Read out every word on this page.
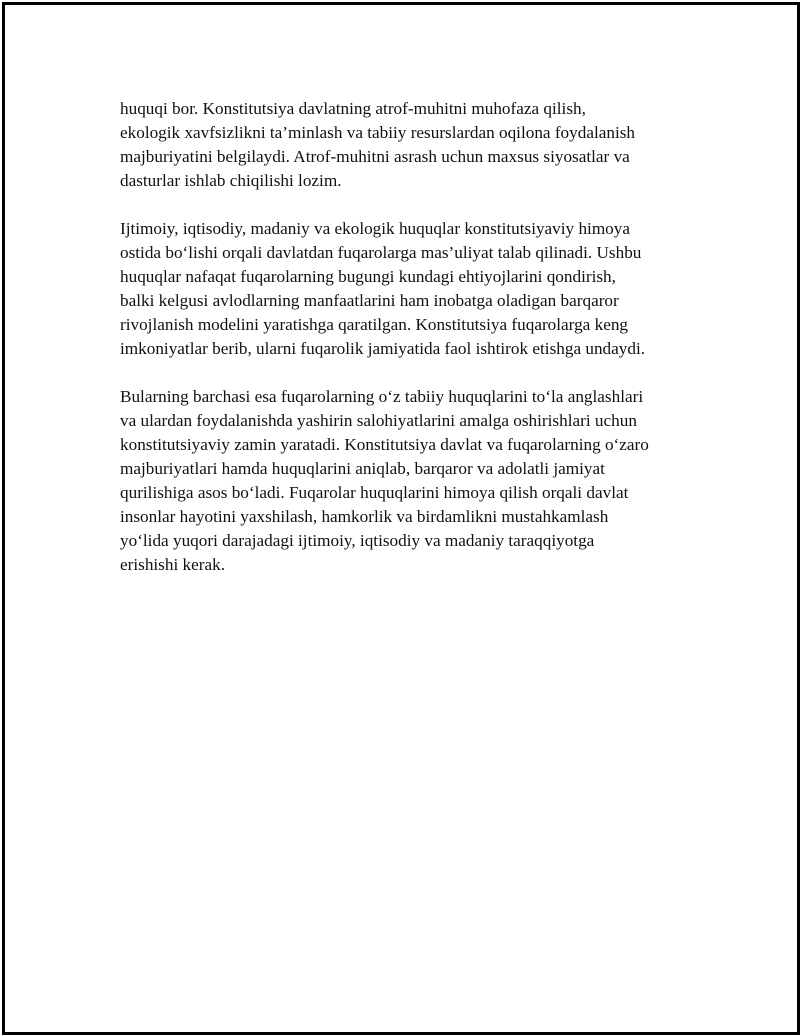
huquqi bor. Konstitutsiya davlatning atrof-muhitni muhofaza qilish,
ekologik xavfsizlikni ta’minlash va tabiiy resurslardan oqilona foydalanish
majburiyatini belgilaydi. Atrof-muhitni asrash uchun maxsus siyosatlar va
dasturlar ishlab chiqilishi lozim.

Ijtimoiy, iqtisodiy, madaniy va ekologik huquqlar konstitutsiyaviy himoya
ostida bo‘lishi orqali davlatdan fuqarolarga mas’uliyat talab qilinadi. Ushbu
huquqlar nafaqat fuqarolarning bugungi kundagi ehtiyojlarini qondirish,
balki kelgusi avlodlarning manfaatlarini ham inobatga oladigan barqaror
rivojlanish modelini yaratishga qaratilgan. Konstitutsiya fuqarolarga keng
imkoniyatlar berib, ularni fuqarolik jamiyatida faol ishtirok etishga undaydi.

Bularning barchasi esa fuqarolarning o‘z tabiiy huquqlarini to‘la anglashlari
va ulardan foydalanishda yashirin salohiyatlarini amalga oshirishlari uchun
konstitutsiyaviy zamin yaratadi. Konstitutsiya davlat va fuqarolarning o‘zaro
majburiyatlari hamda huquqlarini aniqlab, barqaror va adolatli jamiyat
qurilishiga asos bo‘ladi. Fuqarolar huquqlarini himoya qilish orqali davlat
insonlar hayotini yaxshilash, hamkorlik va birdamlikni mustahkamlash
yo‘lida yuqori darajadagi ijtimoiy, iqtisodiy va madaniy taraqqiyotga
erishishi kerak.
